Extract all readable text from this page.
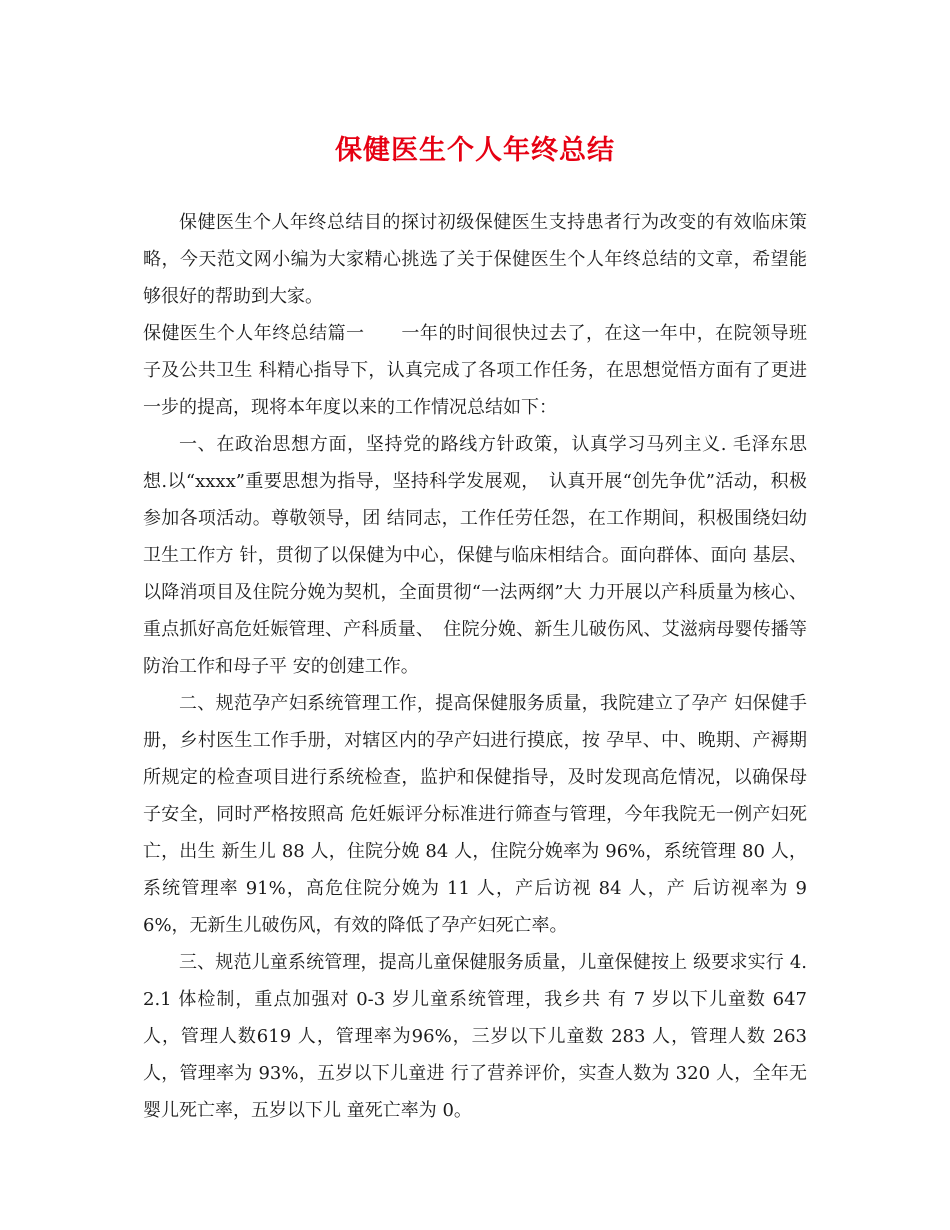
保健医生个人年终总结

保健医生个人年终总结目的探讨初级保健医生支持患者行为改变的有效临床策略，今天范文网小编为大家精心挑选了关于保健医生个人年终总结的文章，希望能够很好的帮助到大家。

保健医生个人年终总结篇一　　一年的时间很快过去了，在这一年中，在院领导班子及公共卫生 科精心指导下，认真完成了各项工作任务，在思想觉悟方面有了更进 一步的提高，现将本年度以来的工作情况总结如下：

一、在政治思想方面，坚持党的路线方针政策，认真学习马列主义. 毛泽东思想.以“xxxx”重要思想为指导，坚持科学发展观，　认真开展“创先争优”活动，积极参加各项活动。尊敬领导，团 结同志，工作任劳任怨，在工作期间，积极围绕妇幼卫生工作方 针，贯彻了以保健为中心，保健与临床相结合。面向群体、面向 基层、以降消项目及住院分娩为契机，全面贯彻“一法两纲”大 力开展以产科质量为核心、重点抓好高危妊娠管理、产科质量、　住院分娩、新生儿破伤风、艾滋病母婴传播等防治工作和母子平 安的创建工作。

二、规范孕产妇系统管理工作，提高保健服务质量，我院建立了孕产 妇保健手册，乡村医生工作手册，对辖区内的孕产妇进行摸底，按 孕早、中、晚期、产褥期所规定的检查项目进行系统检查，监护和保健指导，及时发现高危情况，以确保母子安全，同时严格按照高 危妊娠评分标准进行筛查与管理，今年我院无一例产妇死亡，出生 新生儿 88 人，住院分娩 84 人，住院分娩率为 96%，系统管理 80 人，系统管理率 91%，高危住院分娩为 11 人，产后访视 84 人，产 后访视率为 96%，无新生儿破伤风，有效的降低了孕产妇死亡率。

三、规范儿童系统管理，提高儿童保健服务质量，儿童保健按上 级要求实行 4.2.1 体检制，重点加强对 0-3 岁儿童系统管理，我乡共 有 7 岁以下儿童数 647 人，管理人数619 人，管理率为96%，三岁以下儿童数 283 人，管理人数 263 人，管理率为 93%，五岁以下儿童进 行了营养评价，实查人数为 320 人，全年无婴儿死亡率，五岁以下儿 童死亡率为 0。
